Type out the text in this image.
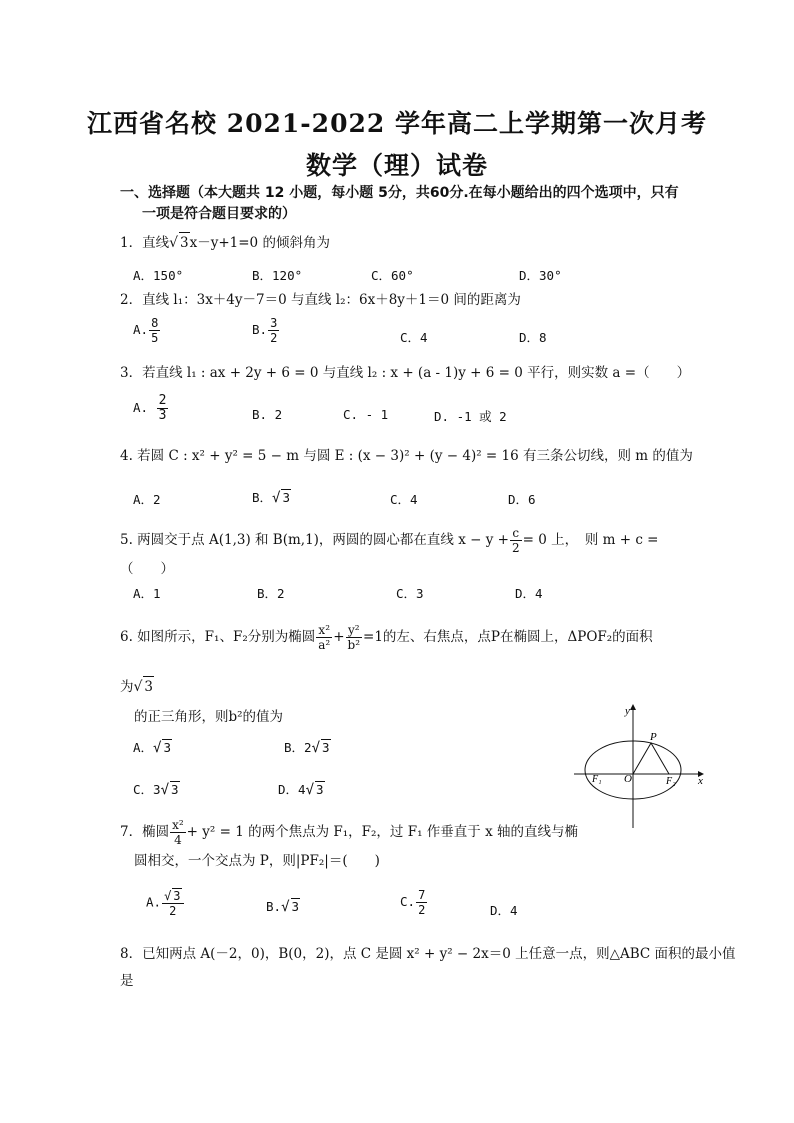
江西省名校 2021-2022 学年高二上学期第一次月考
数学（理）试卷
一、选择题（本大题共 12 小题，每小题 5分，共60分.在每小题给出的四个选项中，只有
一项是符合题目要求的）
1．直线√ 3x－y+1=0 的倾斜角为
A．150°	B．120°	C．60°	D．30°
2．直线 l₁：3x＋4y－7＝0 与直线 l₂：6x＋8y＋1＝0 间的距离为
A. $\frac{8}{5}$	B. $\frac{3}{2}$	C．4	D．8
3．若直线 l₁ : ax + 2y + 6 = 0 与直线 l₂ : x + (a - 1)y + 6 = 0 平行，则实数 a =（　　）
A. $\frac{2}{3}$	B. 2	C. - 1	D. -1 或 2
4. 若圆 C : x² + y² = 5 − m 与圆 E : (x − 3)² + (y − 4)² = 16 有三条公切线，则 m 的值为
A．2	B．√ 3	C．4	D．6
5. 两圆交于点 A(1,3) 和 B(m,1)，两圆的圆心都在直线 $x - y + \frac{c}{2} = 0$ 上，　则 m + c =
（　　）
A．1	B．2	C．3	D．4
6. 如图所示，F₁、F₂分别为椭圆 $\frac{\text{x²}}{\text{a²}} + \frac{\text{y²}}{\text{b²}} =1$的左、右焦点，点P在椭圆上，ΔPOF₂的面积
为√ 3
的正三角形，则b²的值为
A．√ 3	B．2√ 3
C．3√ 3	D．4√ 3
y
P
F₁ O	F₂ x
7．椭圆 $\frac{\text{x²}}{4} + y^2 = 1$ 的两个焦点为 F₁，F₂，过 F₁ 作垂直于 x 轴的直线与椭
圆相交，一个交点为 P，则|PF₂|＝(　　)
A. $\frac{√ 3}{2}$	B.√ 3	C. $\frac{7}{2}$	D．4
8．已知两点 A(－2，0)，B(0，2)，点 C 是圆 x² + y² − 2x＝0 上任意一点，则△ABC 面积的最小值
是
